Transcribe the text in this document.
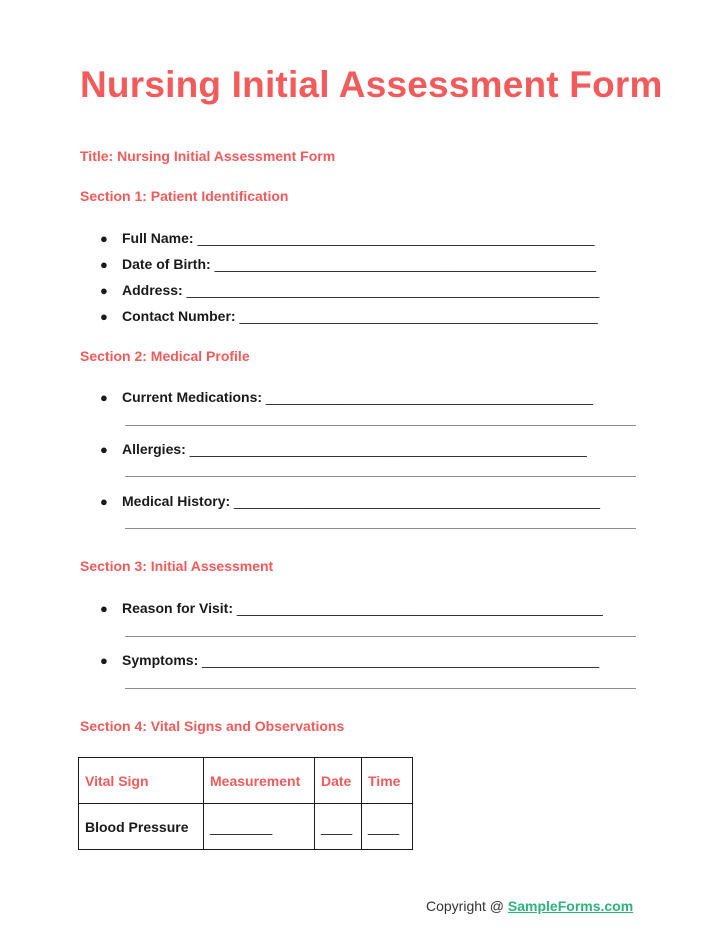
Nursing Initial Assessment Form
Title: Nursing Initial Assessment Form
Section 1: Patient Identification
● Full Name: ___________________________________________________
● Date of Birth: _________________________________________________
● Address: _____________________________________________________
● Contact Number: ______________________________________________
Section 2: Medical Profile
● Current Medications: __________________________________________
● Allergies: ___________________________________________________
● Medical History: _______________________________________________
Section 3: Initial Assessment
● Reason for Visit: _______________________________________________
● Symptoms: ___________________________________________________
Section 4: Vital Signs and Observations
Vital Sign	Measurement	Date	Time
Blood Pressure	________	____	____
Copyright @ SampleForms.com
